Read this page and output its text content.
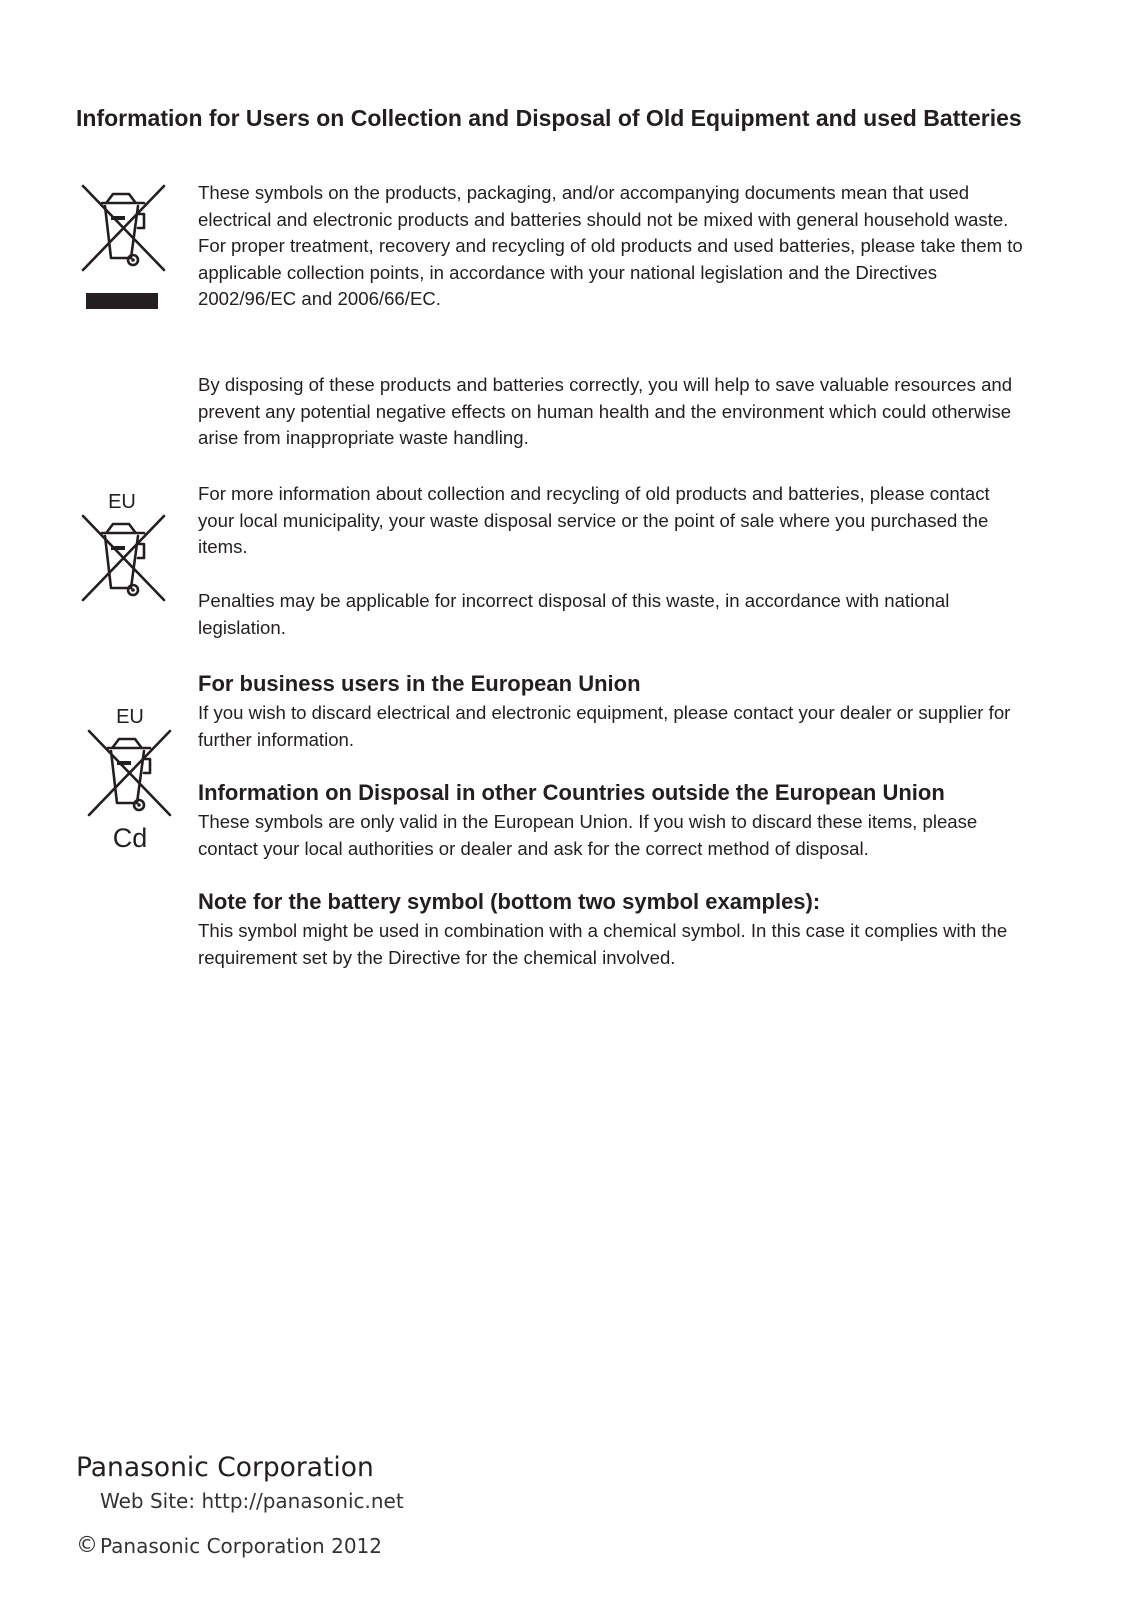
Information for Users on Collection and Disposal of Old Equipment and used Batteries
EU
EU
Cd

These symbols on the products, packaging, and/or accompanying documents mean that used electrical and electronic products and batteries should not be mixed with general household waste.

For proper treatment, recovery and recycling of old products and used batteries, please take them to applicable collection points, in accordance with your national legislation and the Directives 2002/96/EC and 2006/66/EC.

By disposing of these products and batteries correctly, you will help to save valuable resources and prevent any potential negative effects on human health and the environment which could otherwise arise from inappropriate waste handling.

For more information about collection and recycling of old products and batteries, please contact your local municipality, your waste disposal service or the point of sale where you purchased the items.

Penalties may be applicable for incorrect disposal of this waste, in accordance with national legislation.

For business users in the European Union

If you wish to discard electrical and electronic equipment, please contact your dealer or supplier for further information.

Information on Disposal in other Countries outside the European Union

These symbols are only valid in the European Union. If you wish to discard these items, please contact your local authorities or dealer and ask for the correct method of disposal.

Note for the battery symbol (bottom two symbol examples):

This symbol might be used in combination with a chemical symbol. In this case it complies with the requirement set by the Directive for the chemical involved.

Panasonic Corporation
Web Site: http://panasonic.net
© Panasonic Corporation 2012
